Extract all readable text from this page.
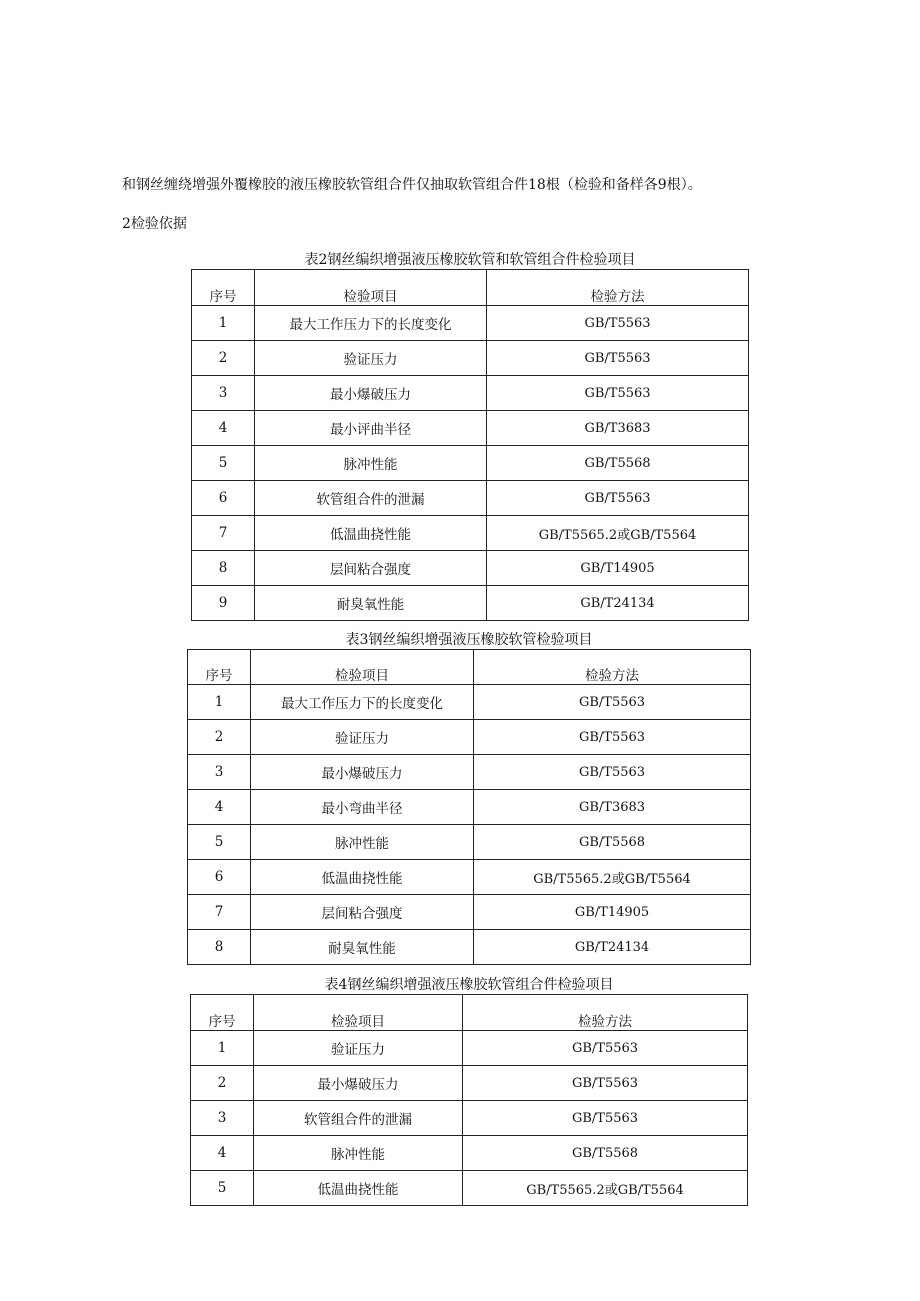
和钢丝缠绕增强外覆橡胶的液压橡胶软管组合件仅抽取软管组合件18根（检验和备样各9根）。
2检验依据
表2钢丝编织增强液压橡胶软管和软管组合件检验项目
序号	检验项目	检验方法
1	最大工作压力下的长度变化	GB/T5563
2	验证压力	GB/T5563
3	最小爆破压力	GB/T5563
4	最小评曲半径	GB/T3683
5	脉冲性能	GB/T5568
6	软管组合件的泄漏	GB/T5563
7	低温曲挠性能	GB/T5565.2或GB/T5564
8	层间粘合强度	GB/T14905
9	耐臭氧性能	GB/T24134
表3钢丝编织增强液压橡胶软管检验项目
序号	检验项目	检验方法
1	最大工作压力下的长度变化	GB/T5563
2	验证压力	GB/T5563
3	最小爆破压力	GB/T5563
4	最小弯曲半径	GB/T3683
5	脉冲性能	GB/T5568
6	低温曲挠性能	GB/T5565.2或GB/T5564
7	层间粘合强度	GB/T14905
8	耐臭氧性能	GB/T24134
表4钢丝编织增强液压橡胶软管组合件检验项目
序号	检验项目	检验方法
1	验证压力	GB/T5563
2	最小爆破压力	GB/T5563
3	软管组合件的泄漏	GB/T5563
4	脉冲性能	GB/T5568
5	低温曲挠性能	GB/T5565.2或GB/T5564
